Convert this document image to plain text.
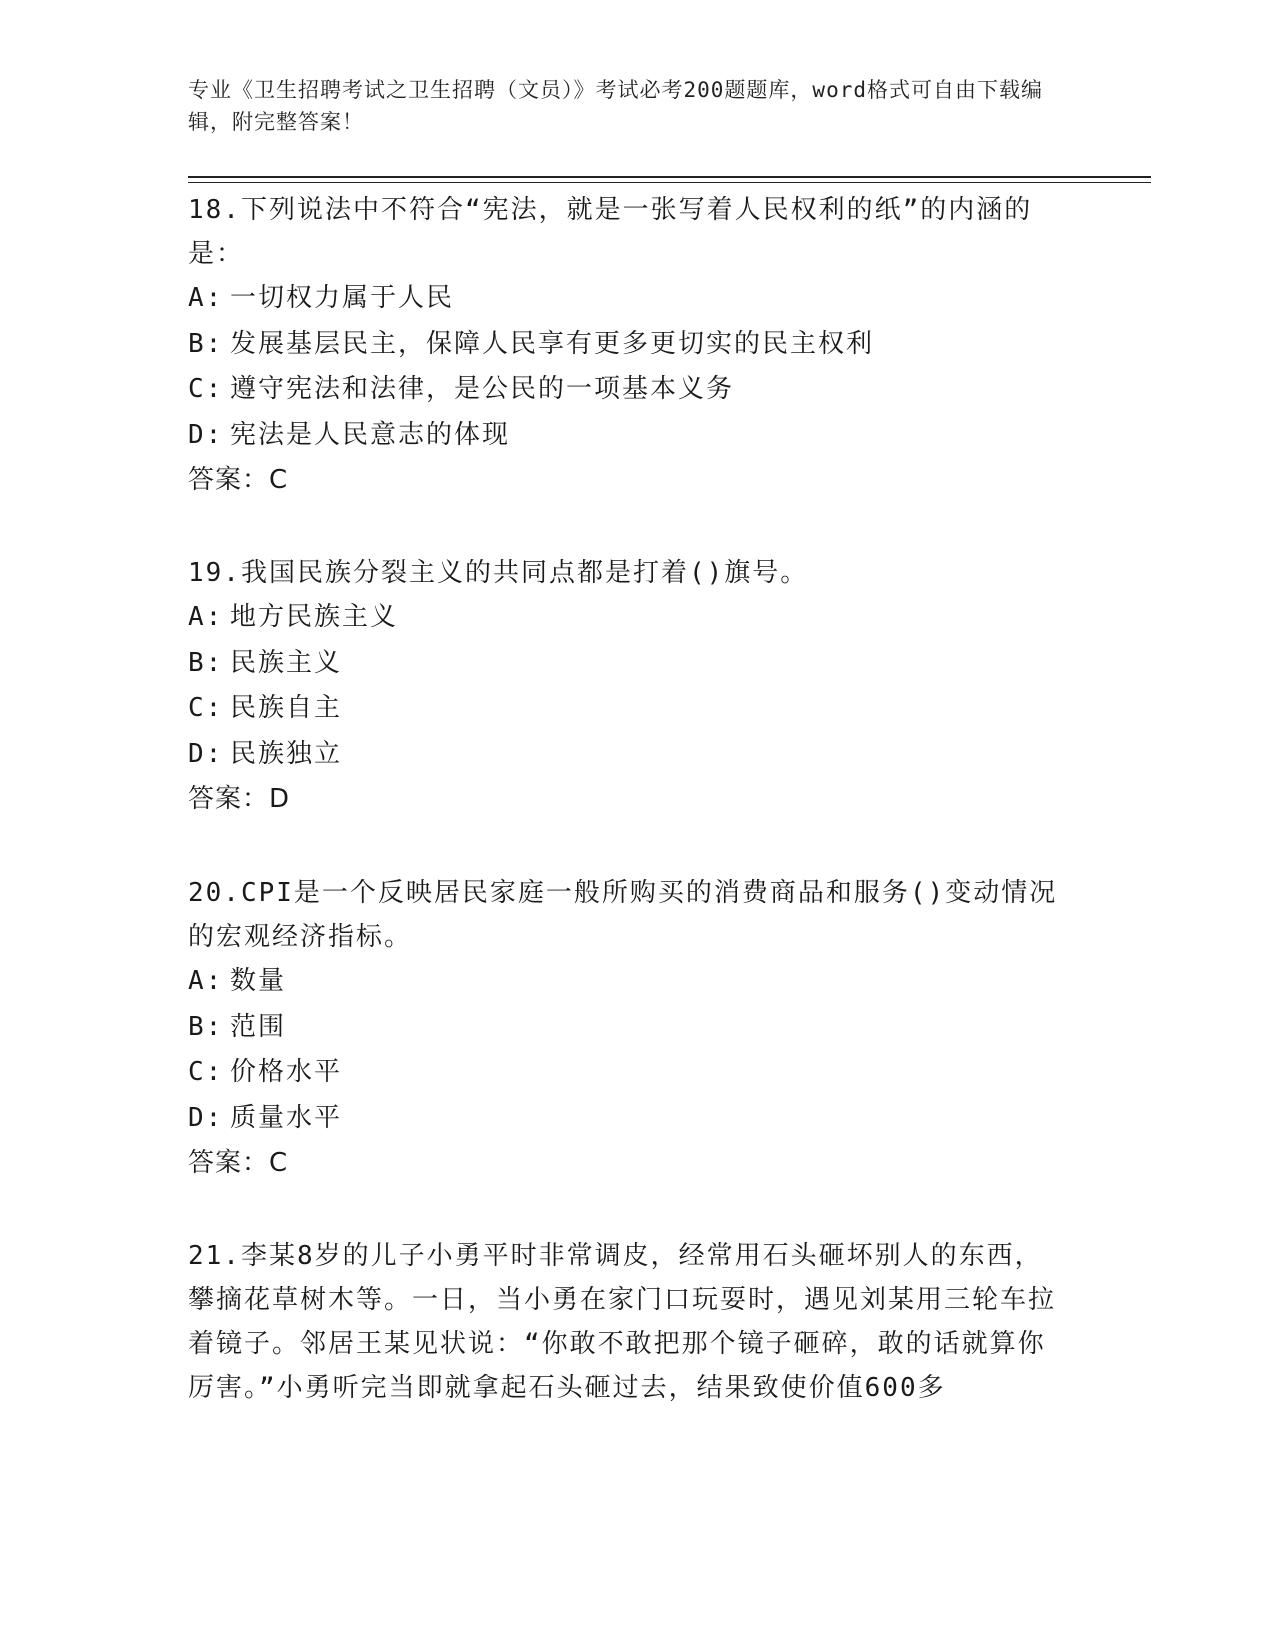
专业《卫生招聘考试之卫生招聘（文员）》考试必考200题题库，word格式可自由下载编辑，附完整答案！

18.下列说法中不符合“宪法，就是一张写着人民权利的纸”的内涵的是：

A: 一切权力属于人民

B: 发展基层民主，保障人民享有更多更切实的民主权利

C: 遵守宪法和法律，是公民的一项基本义务

D: 宪法是人民意志的体现

答案：C

19.我国民族分裂主义的共同点都是打着()旗号。

A: 地方民族主义

B: 民族主义

C: 民族自主

D: 民族独立

答案：D

20.CPI是一个反映居民家庭一般所购买的消费商品和服务()变动情况的宏观经济指标。

A: 数量

B: 范围

C: 价格水平

D: 质量水平

答案：C

21.李某8岁的儿子小勇平时非常调皮，经常用石头砸坏别人的东西，攀摘花草树木等。一日，当小勇在家门口玩耍时，遇见刘某用三轮车拉着镜子。邻居王某见状说：“你敢不敢把那个镜子砸碎，敢的话就算你厉害。”小勇听完当即就拿起石头砸过去，结果致使价值600多
